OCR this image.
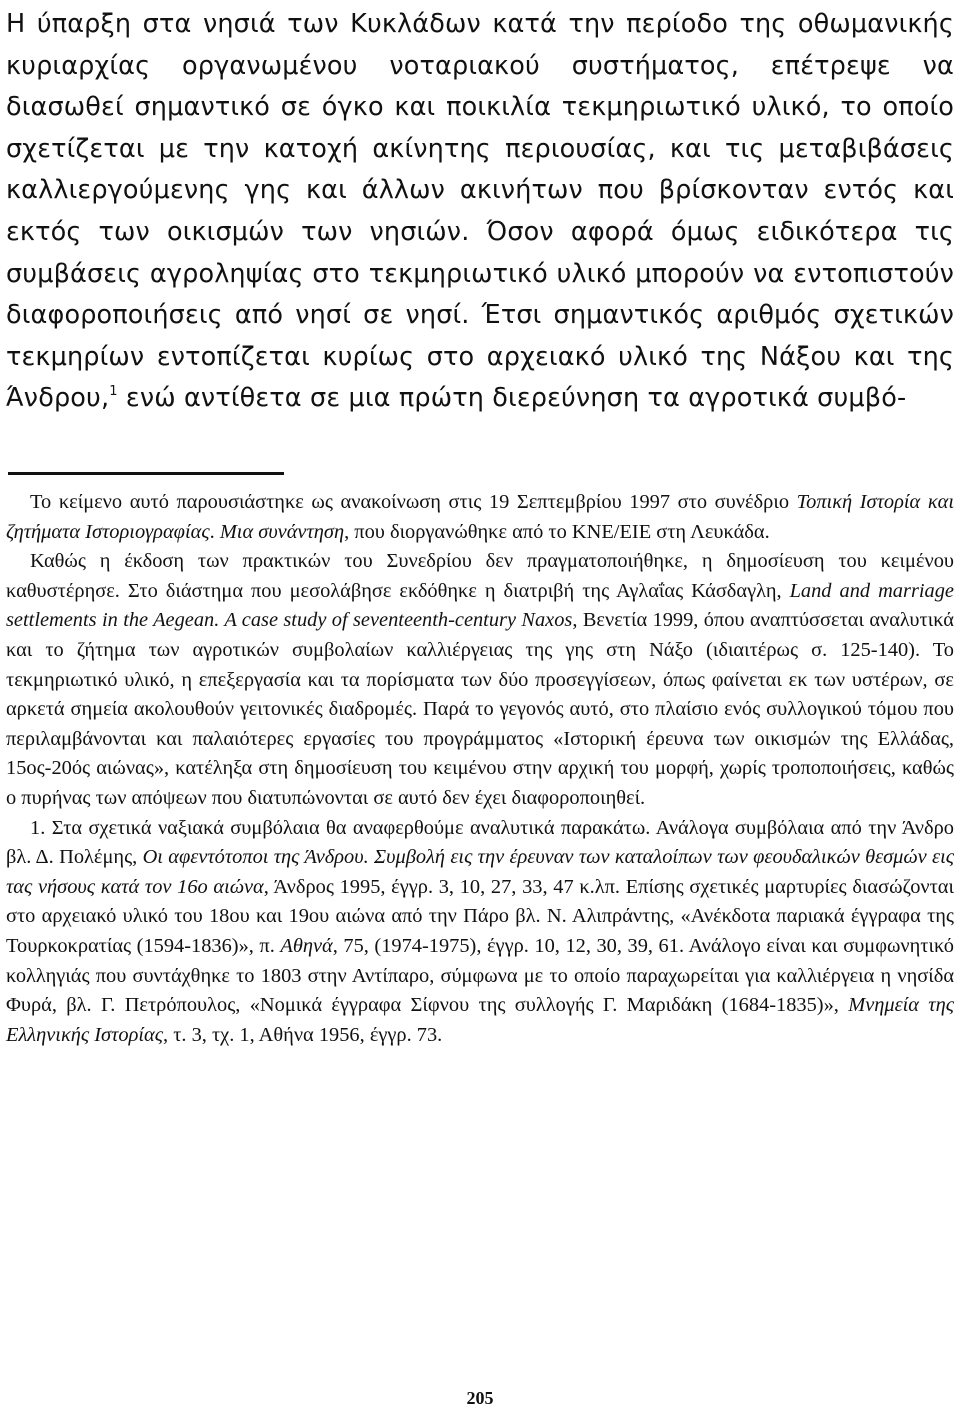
Η ύπαρξη στα νησιά των Κυκλάδων κατά την περίοδο της οθωμανικής κυριαρχίας οργανωμένου νοταριακού συστήματος, επέτρεψε να διασωθεί σημαντικό σε όγκο και ποικιλία τεκμηριωτικό υλικό, το οποίο σχετίζεται με την κατοχή ακίνητης περιουσίας, και τις μεταβιβάσεις καλλιεργούμενης γης και άλλων ακινήτων που βρίσκονταν εντός και εκτός των οικισμών των νησιών. Όσον αφορά όμως ειδικότερα τις συμβάσεις αγροληψίας στο τεκμηριωτικό υλικό μπορούν να εντοπιστούν διαφοροποιήσεις από νησί σε νησί. Έτσι σημαντικός αριθμός σχετικών τεκμηρίων εντοπίζεται κυρίως στο αρχειακό υλικό της Νάξου και της Άνδρου,$^1$ ενώ αντίθετα σε μια πρώτη διερεύνηση τα αγροτικά συμβό-

Το κείμενο αυτό παρουσιάστηκε ως ανακοίνωση στις 19 Σεπτεμβρίου 1997 στο συνέδριο Τοπική Ιστορία και ζητήματα Ιστοριογραφίας. Μια συνάντηση, που διοργανώθηκε από το ΚΝΕ/ΕΙΕ στη Λευκάδα.

Καθώς η έκδοση των πρακτικών του Συνεδρίου δεν πραγματοποιήθηκε, η δημοσίευση του κειμένου καθυστέρησε. Στο διάστημα που μεσολάβησε εκδόθηκε η διατριβή της Αγλαΐας Κάσδαγλη, Land and marriage settlements in the Aegean. A case study of seventeenth-century Naxos, Βενετία 1999, όπου αναπτύσσεται αναλυτικά και το ζήτημα των αγροτικών συμβολαίων καλλιέργειας της γης στη Νάξο (ιδιαιτέρως σ. 125-140). Το τεκμηριωτικό υλικό, η επεξεργασία και τα πορίσματα των δύο προσεγγίσεων, όπως φαίνεται εκ των υστέρων, σε αρκετά σημεία ακολουθούν γειτονικές διαδρομές. Παρά το γεγονός αυτό, στο πλαίσιο ενός συλλογικού τόμου που περιλαμβάνονται και παλαιότερες εργασίες του προγράμματος «Ιστορική έρευνα των οικισμών της Ελλάδας, 15ος-20ός αιώνας», κατέληξα στη δημοσίευση του κειμένου στην αρχική του μορφή, χωρίς τροποποιήσεις, καθώς ο πυρήνας των απόψεων που διατυπώνονται σε αυτό δεν έχει διαφοροποιηθεί.

1. Στα σχετικά ναξιακά συμβόλαια θα αναφερθούμε αναλυτικά παρακάτω. Ανάλογα συμβόλαια από την Άνδρο βλ. Δ. Πολέμης, Οι αφεντότοποι της Άνδρου. Συμβολή εις την έρευναν των καταλοίπων των φεουδαλικών θεσμών εις τας νήσους κατά τον 16ο αιώνα, Άνδρος 1995, έγγρ. 3, 10, 27, 33, 47 κ.λπ. Επίσης σχετικές μαρτυρίες διασώζονται στο αρχειακό υλικό του 18ου και 19ου αιώνα από την Πάρο βλ. Ν. Αλιπράντης, «Ανέκδοτα παριακά έγγραφα της Τουρκοκρατίας (1594-1836)», π. Αθηνά, 75, (1974-1975), έγγρ. 10, 12, 30, 39, 61. Ανάλογο είναι και συμφωνητικό κολληγιάς που συντάχθηκε το 1803 στην Αντίπαρο, σύμφωνα με το οποίο παραχωρείται για καλλιέργεια η νησίδα Φυρά, βλ. Γ. Πετρόπουλος, «Νομικά έγγραφα Σίφνου της συλλογής Γ. Μαριδάκη (1684-1835)», Μνημεία της Ελληνικής Ιστορίας, τ. 3, τχ. 1, Αθήνα 1956, έγγρ. 73.

205
